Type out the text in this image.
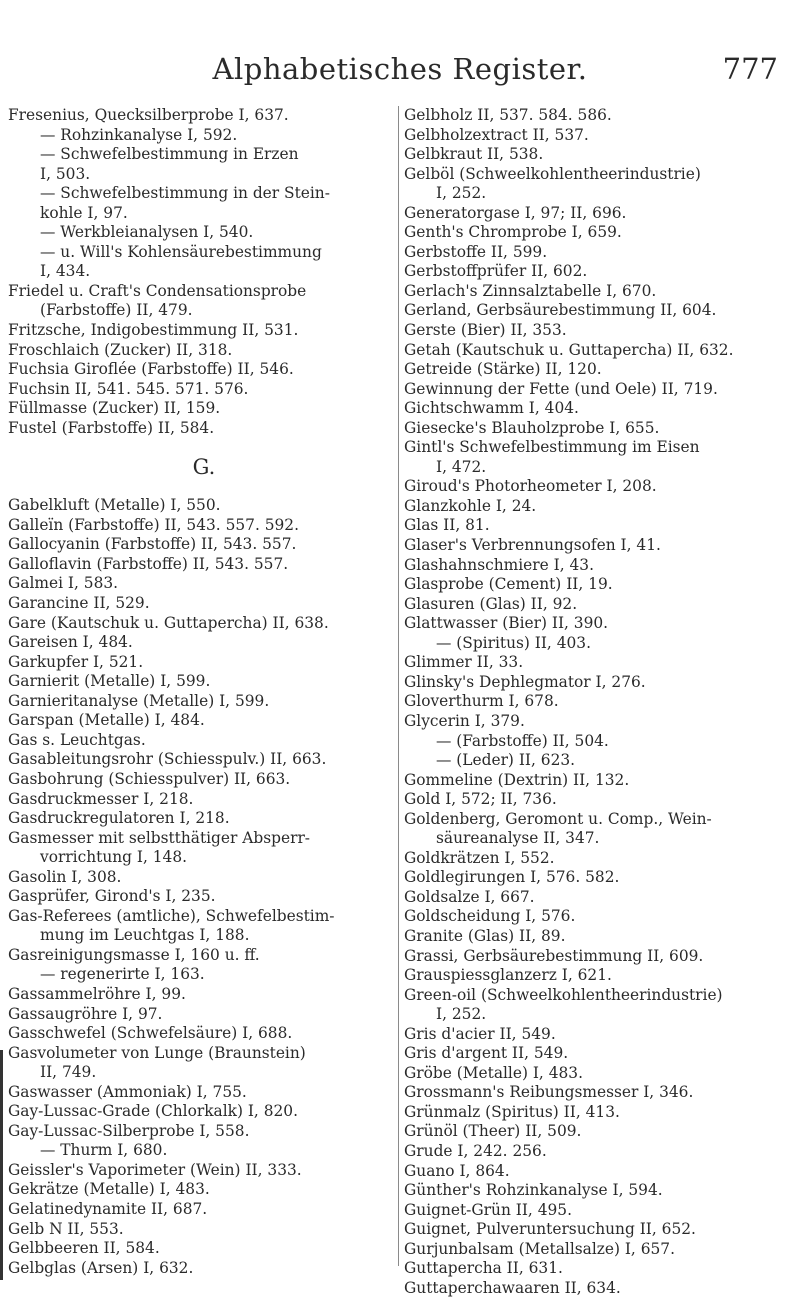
Alphabetisches Register.	777
Fresenius, Quecksilberprobe I, 637.
— Rohzinkanalyse I, 592.
— Schwefelbestimmung in Erzen
I, 503.
— Schwefelbestimmung in der Stein-
kohle I, 97.
— Werkbleianalysen I, 540.
— u. Will's Kohlensäurebestimmung
I, 434.
Friedel u. Craft's Condensationsprobe
(Farbstoffe) II, 479.
Fritzsche, Indigobestimmung II, 531.
Froschlaich (Zucker) II, 318.
Fuchsia Giroflée (Farbstoffe) II, 546.
Fuchsin II, 541. 545. 571. 576.
Füllmasse (Zucker) II, 159.
Fustel (Farbstoffe) II, 584.
G.
Gabelkluft (Metalle) I, 550.
Galleïn (Farbstoffe) II, 543. 557. 592.
Gallocyanin (Farbstoffe) II, 543. 557.
Galloflavin (Farbstoffe) II, 543. 557.
Galmei I, 583.
Garancine II, 529.
Gare (Kautschuk u. Guttapercha) II, 638.
Gareisen I, 484.
Garkupfer I, 521.
Garnierit (Metalle) I, 599.
Garnieritanalyse (Metalle) I, 599.
Garspan (Metalle) I, 484.
Gas s. Leuchtgas.
Gasableitungsrohr (Schiesspulv.) II, 663.
Gasbohrung (Schiesspulver) II, 663.
Gasdruckmesser I, 218.
Gasdruckregulatoren I, 218.
Gasmesser mit selbstthätiger Absperr-
vorrichtung I, 148.
Gasolin I, 308.
Gasprüfer, Girond's I, 235.
Gas-Referees (amtliche), Schwefelbestim-
mung im Leuchtgas I, 188.
Gasreinigungsmasse I, 160 u. ff.
— regenerirte I, 163.
Gassammelröhre I, 99.
Gassaugröhre I, 97.
Gasschwefel (Schwefelsäure) I, 688.
Gasvolumeter von Lunge (Braunstein)
II, 749.
Gaswasser (Ammoniak) I, 755.
Gay-Lussac-Grade (Chlorkalk) I, 820.
Gay-Lussac-Silberprobe I, 558.
— Thurm I, 680.
Geissler's Vaporimeter (Wein) II, 333.
Gekrätze (Metalle) I, 483.
Gelatinedynamite II, 687.
Gelb N II, 553.
Gelbbeeren II, 584.
Gelbglas (Arsen) I, 632.
Gelbholz II, 537. 584. 586.
Gelbholzextract II, 537.
Gelbkraut II, 538.
Gelböl (Schweelkohlentheerindustrie)
I, 252.
Generatorgase I, 97; II, 696.
Genth's Chromprobe I, 659.
Gerbstoffe II, 599.
Gerbstoffprüfer II, 602.
Gerlach's Zinnsalztabelle I, 670.
Gerland, Gerbsäurebestimmung II, 604.
Gerste (Bier) II, 353.
Getah (Kautschuk u. Guttapercha) II, 632.
Getreide (Stärke) II, 120.
Gewinnung der Fette (und Oele) II, 719.
Gichtschwamm I, 404.
Giesecke's Blauholzprobe I, 655.
Gintl's Schwefelbestimmung im Eisen
I, 472.
Giroud's Photorheometer I, 208.
Glanzkohle I, 24.
Glas II, 81.
Glaser's Verbrennungsofen I, 41.
Glashahnschmiere I, 43.
Glasprobe (Cement) II, 19.
Glasuren (Glas) II, 92.
Glattwasser (Bier) II, 390.
— (Spiritus) II, 403.
Glimmer II, 33.
Glinsky's Dephlegmator I, 276.
Gloverthurm I, 678.
Glycerin I, 379.
— (Farbstoffe) II, 504.
— (Leder) II, 623.
Gommeline (Dextrin) II, 132.
Gold I, 572; II, 736.
Goldenberg, Geromont u. Comp., Wein-
säureanalyse II, 347.
Goldkrätzen I, 552.
Goldlegirungen I, 576. 582.
Goldsalze I, 667.
Goldscheidung I, 576.
Granite (Glas) II, 89.
Grassi, Gerbsäurebestimmung II, 609.
Grauspiessglanzerz I, 621.
Green-oil (Schweelkohlentheerindustrie)
I, 252.
Gris d'acier II, 549.
Gris d'argent II, 549.
Gröbe (Metalle) I, 483.
Grossmann's Reibungsmesser I, 346.
Grünmalz (Spiritus) II, 413.
Grünöl (Theer) II, 509.
Grude I, 242. 256.
Guano I, 864.
Günther's Rohzinkanalyse I, 594.
Guignet-Grün II, 495.
Guignet, Pulveruntersuchung II, 652.
Gurjunbalsam (Metallsalze) I, 657.
Guttapercha II, 631.
Guttaperchawaaren II, 634.
